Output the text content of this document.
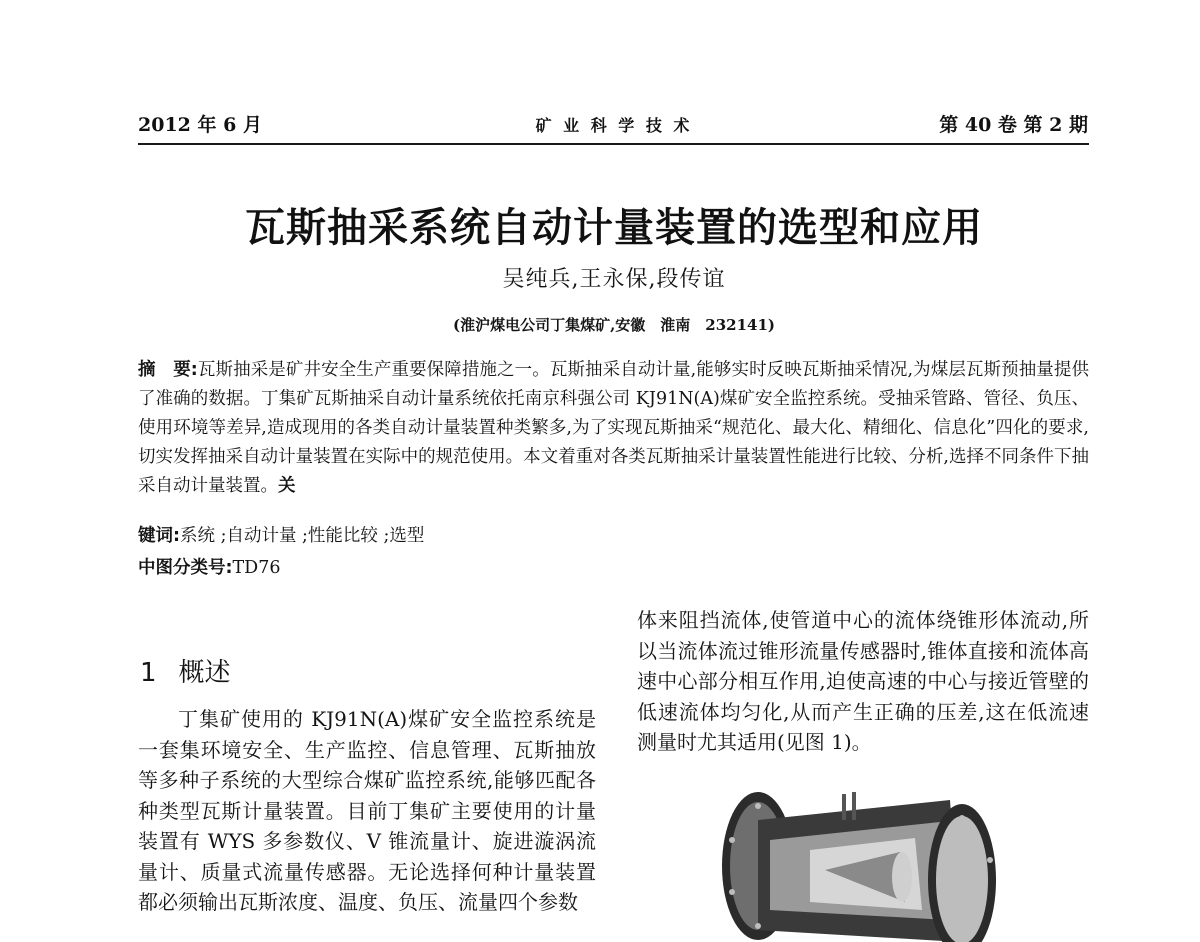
2012 年 6 月	矿 业 科 学 技 术	第 40 卷 第 2 期
瓦斯抽采系统自动计量装置的选型和应用
吴纯兵,王永保,段传谊
(淮沪煤电公司丁集煤矿,安徽　淮南　232141)
摘　要:瓦斯抽采是矿井安全生产重要保障措施之一。瓦斯抽采自动计量,能够实时反映瓦斯抽采情况,为煤层瓦斯预抽量提供了准确的数据。丁集矿瓦斯抽采自动计量系统依托南京科强公司 KJ91N(A)煤矿安全监控系统。受抽采管路、管径、负压、使用环境等差异,造成现用的各类自动计量装置种类繁多,为了实现瓦斯抽采“规范化、最大化、精细化、信息化”四化的要求,切实发挥抽采自动计量装置在实际中的规范使用。本文着重对各类瓦斯抽采计量装置性能进行比较、分析,选择不同条件下抽采自动计量装置。关
键词:系统 ;自动计量 ;性能比较 ;选型
中图分类号:TD76
1 概述
丁集矿使用的 KJ91N(A)煤矿安全监控系统是一套集环境安全、生产监控、信息管理、瓦斯抽放等多种子系统的大型综合煤矿监控系统,能够匹配各种类型瓦斯计量装置。目前丁集矿主要使用的计量装置有 WYS 多参数仪、V 锥流量计、旋进漩涡流量计、质量式流量传感器。无论选择何种计量装置都必须输出瓦斯浓度、温度、负压、流量四个参数
体来阻挡流体,使管道中心的流体绕锥形体流动,所以当流体流过锥形流量传感器时,锥体直接和流体高速中心部分相互作用,迫使高速的中心与接近管壁的低速流体均匀化,从而产生正确的压差,这在低流速测量时尤其适用(见图 1)。
